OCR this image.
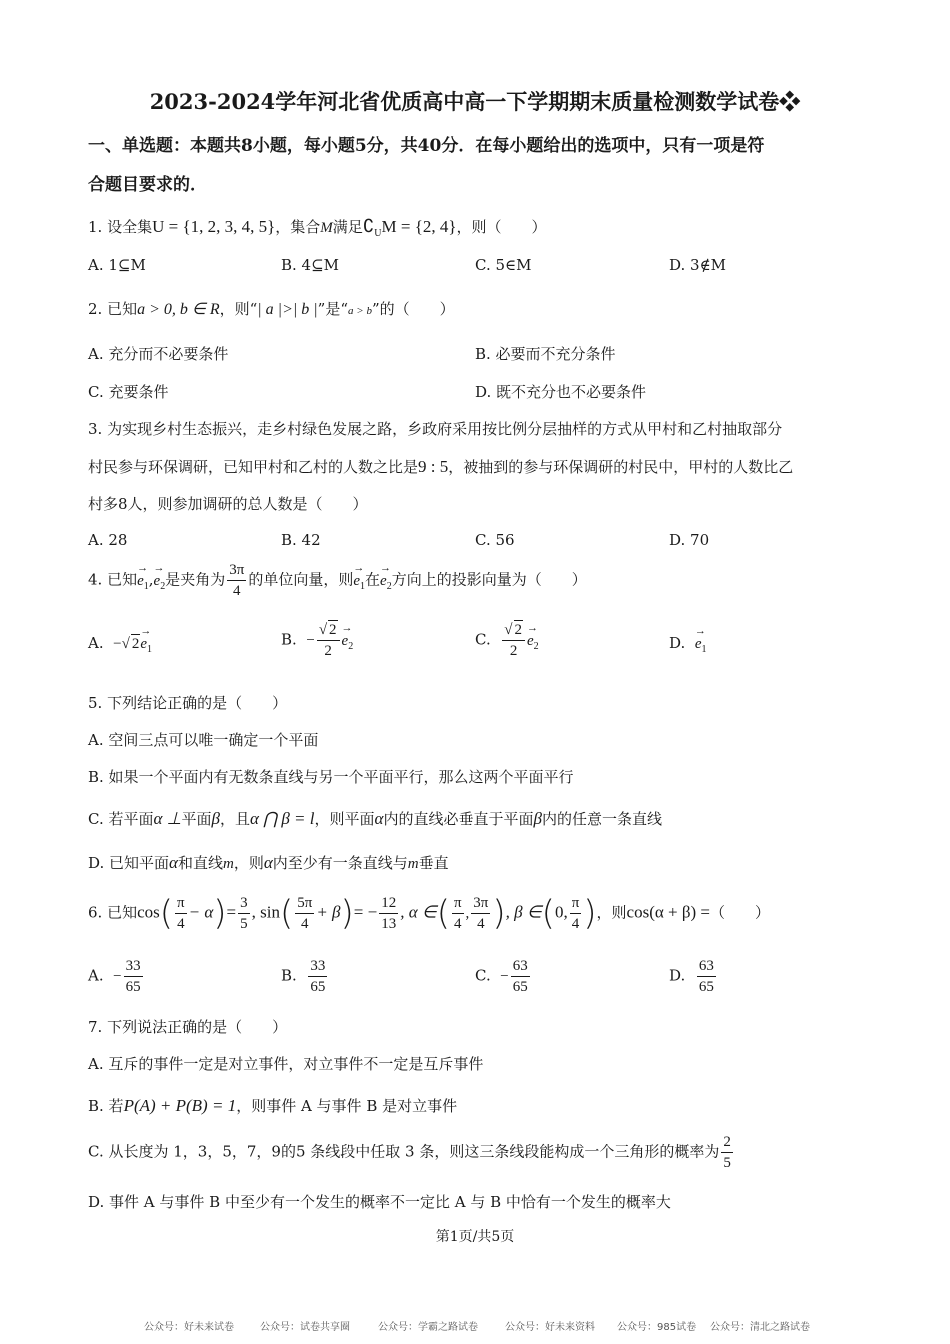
2023-2024学年河北省优质高中高一下学期期末质量检测数学试卷❖
一、单选题：本题共8小题，每小题5分，共40分．在每小题给出的选项中，只有一项是符
合题目要求的．
1. 设全集U = {1, 2, 3, 4, 5}，集合M满足$∁_UM = \{2$, 4}，则（　　）
A. 1⊆M	B. 4⊆M	C. 5∈M	D. 3∉M
2. 已知a > 0, b ∈ R，则“| a |>| b |”是“a > b”的（　　）
A. 充分而不必要条件	B. 必要而不充分条件
C. 充要条件	D. 既不充分也不必要条件
3. 为实现乡村生态振兴，走乡村绿色发展之路，乡政府采用按比例分层抽样的方式从甲村和乙村抽取部分
村民参与环保调研，已知甲村和乙村的人数之比是9 : 5，被抽到的参与环保调研的村民中，甲村的人数比乙
村多8人，则参加调研的总人数是（　　）
A. 28	B. 42	C. 56	D. 70
4. 已知→ $e_1,\to e_2$是夹角为 $\frac{3\pi}{4}$ 的单位向量，则→ $e_1$在→ $e_2$方向上的投影向量为（　　）
A. −√ $2\to e_1$
B. − $\frac{√ 2}{2} \to e_2$	C. $\frac{√ 2}{2} \to e_2$	D. → $e_1$
5. 下列结论正确的是（　　）
A. 空间三点可以唯一确定一个平面
B. 如果一个平面内有无数条直线与另一个平面平行，那么这两个平面平行
C. 若平面α ⊥平面β，且α ⋂ β = l，则平面α内的直线必垂直于平面β内的任意一条直线
D. 已知平面α和直线m，则α内至少有一条直线与m垂直
6. 已知$\cos( \frac{\pi}{4} - \alpha)= \frac{3}{5}$ , $\sin( \frac{5\pi}{4} + \beta)= - \frac{12}{13}$ , α ∈( $\frac{\pi}{4}$ , $\frac{3\pi}{4}$ ), β ∈(0, $\frac{\pi}{4}$ )，则cos(α + β) =（　　）
A. − $\frac{33}{65}$	B. $\frac{33}{65}$	C. − $\frac{63}{65}$	D. $\frac{63}{65}$
7. 下列说法正确的是（　　）
A. 互斥的事件一定是对立事件，对立事件不一定是互斥事件
B. 若P(A) + P(B) = 1，则事件 A 与事件 B 是对立事件
C. 从长度为 1，3，5，7，9的5 条线段中任取 3 条，则这三条线段能构成一个三角形的概率为 $\frac{2}{5}$
D. 事件 A 与事件 B 中至少有一个发生的概率不一定比 A 与 B 中恰有一个发生的概率大
第1页/共5页
公众号：好未来试卷	公众号：试卷共享圈	公众号：学霸之路试卷	公众号：好未来资料 公众号：985试卷 公众号：清北之路试卷
